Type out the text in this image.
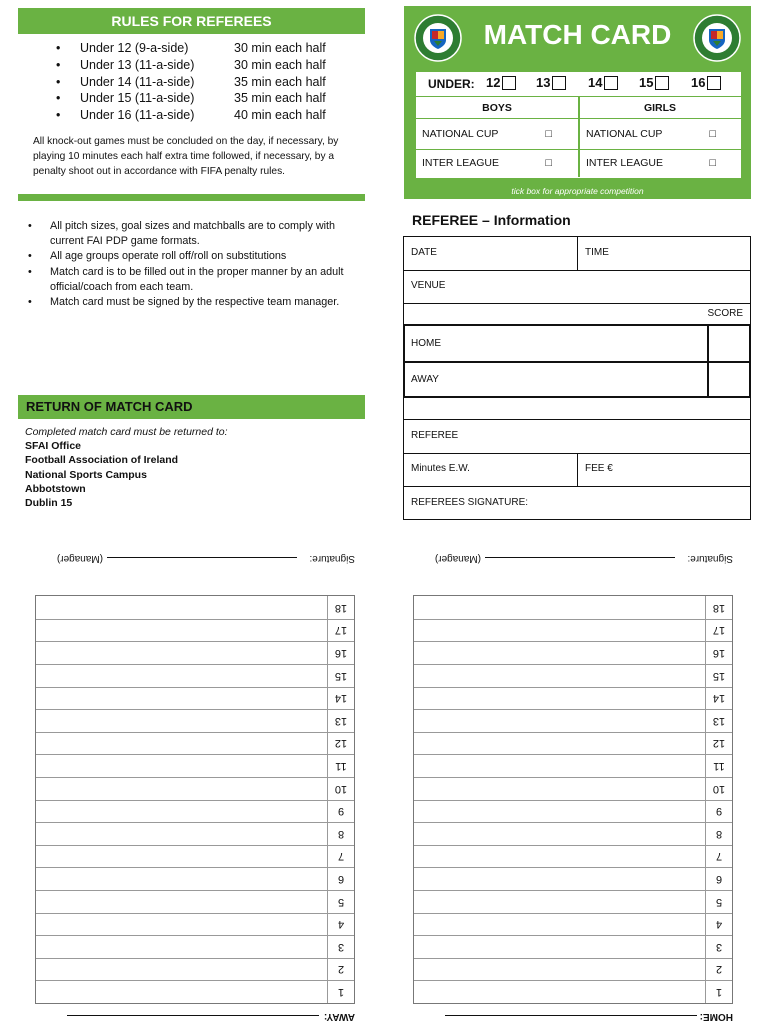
RULES FOR REFEREES
• Under 12 (9-a-side)	30 min each half
• Under 13 (11-a-side)	30 min each half
• Under 14 (11-a-side)	35 min each half
• Under 15 (11-a-side)	35 min each half
• Under 16 (11-a-side)	40 min each half

All knock-out games must be concluded on the day, if necessary, by playing 10 minutes each half extra time followed, if necessary, by a penalty shoot out in accordance with FIFA penalty rules.

• All pitch sizes, goal sizes and matchballs are to comply with current FAI PDP game formats.
• All age groups operate roll off/roll on substitutions
• Match card is to be filled out in the proper manner by an adult official/coach from each team.
• Match card must be signed by the respective team manager.
RETURN OF MATCH CARD
Completed match card must be returned to:
SFAI Office
Football Association of Ireland
National Sports Campus
Abbotstown
Dublin 15
MATCH CARD
UNDER: 12	13	14	15	16
BOYS	GIRLS
NATIONAL CUP	□	NATIONAL CUP	□
INTER LEAGUE	□	INTER LEAGUE	□
tick box for appropriate competition
REFEREE – Information
DATE	TIME
VENUE
SCORE
HOME
AWAY
REFEREE
Minutes E.W.	FEE €
REFEREES SIGNATURE:
AWAY:
1
2
3
4
5
6
7
8
9
10
11
12
13
14
15
16
17
18
Signature:
(Manager)
HOME:
1
2
3
4
5
6
7
8
9
10
11
12
13
14
15
16
17
18
Signature:
(Manager)
